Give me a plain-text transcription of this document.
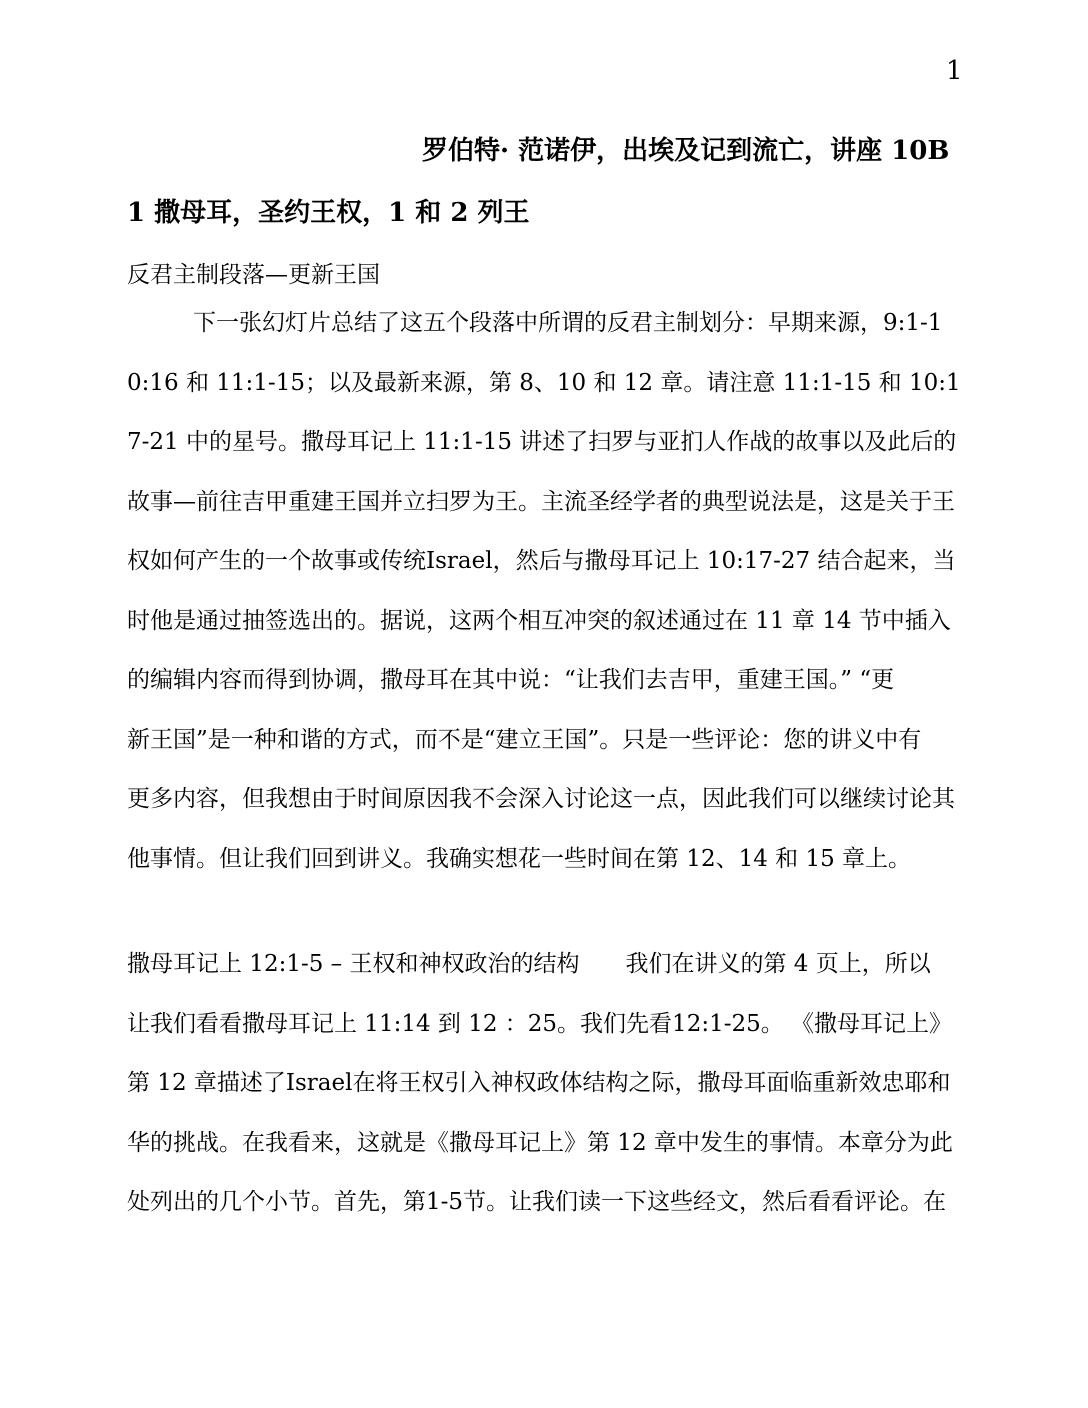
1
罗伯特· 范诺伊，出埃及记到流亡，讲座 10B
1 撒母耳，圣约王权，1 和 2 列王
反君主制段落—更新王国
下一张幻灯片总结了这五个段落中所谓的反君主制划分：早期来源，9:1-1
0:16 和 11:1-15；以及最新来源，第 8、10 和 12 章。请注意 11:1-15 和 10:1
7-21 中的星号。撒母耳记上 11:1-15 讲述了扫罗与亚扪人作战的故事以及此后的
故事—前往吉甲重建王国并立扫罗为王。主流圣经学者的典型说法是，这是关于王
权如何产生的一个故事或传统Israel，然后与撒母耳记上 10:17-27 结合起来，当
时他是通过抽签选出的。据说，这两个相互冲突的叙述通过在 11 章 14 节中插入
的编辑内容而得到协调，撒母耳在其中说：“让我们去吉甲，重建王国。” “更
新王国”是一种和谐的方式，而不是“建立王国”。只是一些评论：您的讲义中有
更多内容，但我想由于时间原因我不会深入讨论这一点，因此我们可以继续讨论其
他事情。但让我们回到讲义。我确实想花一些时间在第 12、14 和 15 章上。
撒母耳记上 12:1-5 – 王权和神权政治的结构　　我们在讲义的第 4 页上，所以
让我们看看撒母耳记上 11:14 到 12 ：25。我们先看12:1-25。 《撒母耳记上》
第 12 章描述了Israel在将王权引入神权政体结构之际，撒母耳面临重新效忠耶和
华的挑战。在我看来，这就是《撒母耳记上》第 12 章中发生的事情。本章分为此
处列出的几个小节。首先，第1-5节。让我们读一下这些经文，然后看看评论。在
